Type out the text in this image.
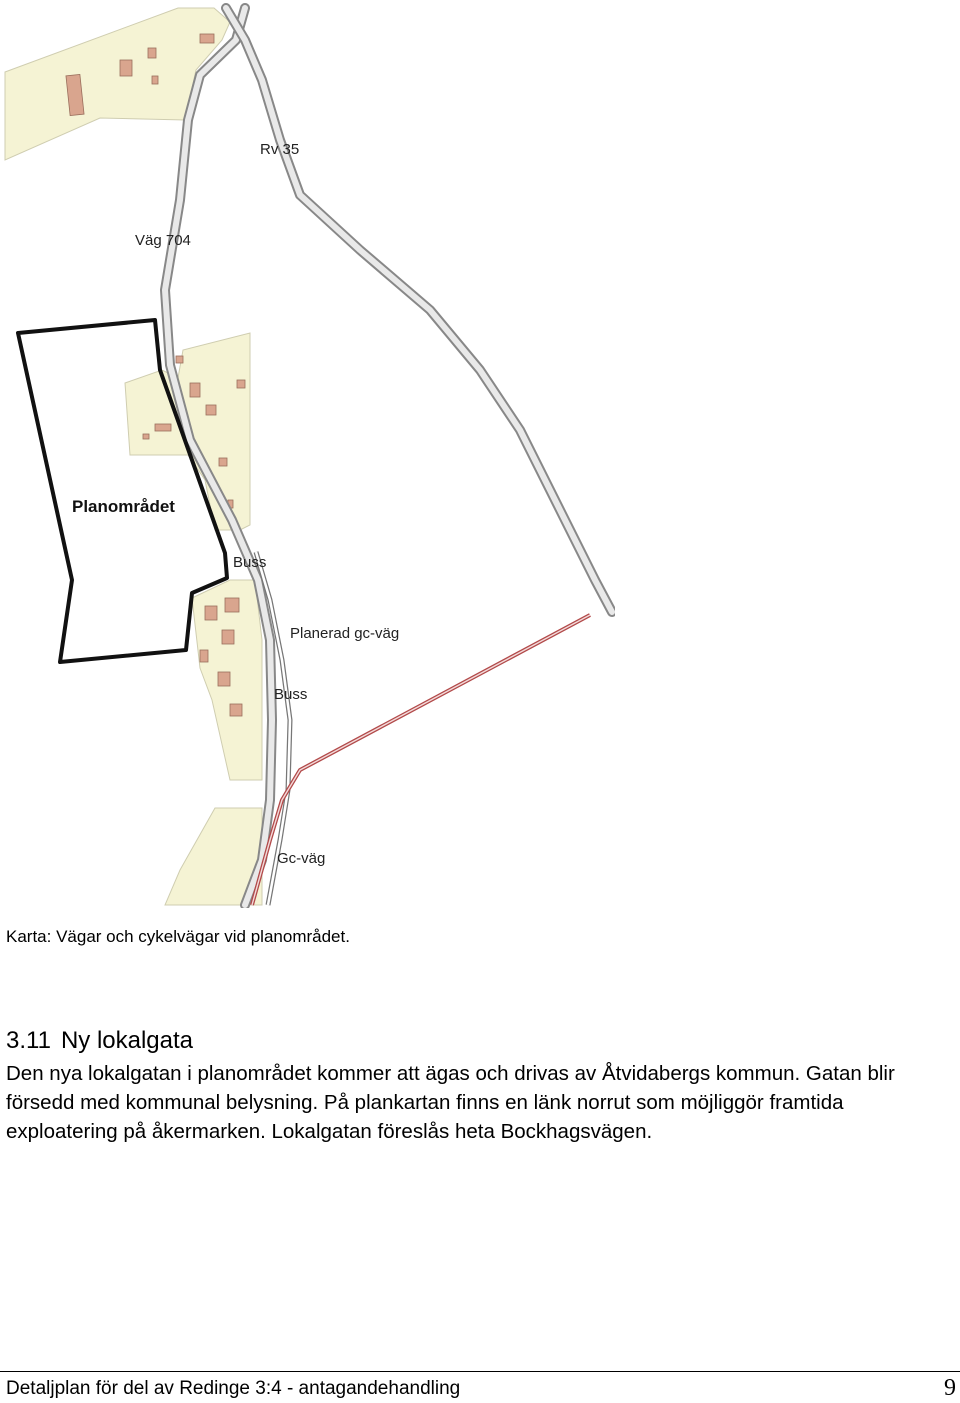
Rv 35
Väg 704
Planområdet
Buss
Planerad gc-väg
Buss
Gc-väg
Karta: Vägar och cykelvägar vid planområdet.
3.11 Ny lokalgata

Den nya lokalgatan i planområdet kommer att ägas och drivas av Åtvidabergs kommun. Gatan blir försedd med kommunal belysning. På plankartan finns en länk norrut som möjliggör framtida exploatering på åkermarken. Lokalgatan föreslås heta Bockhagsvägen.

Detaljplan för del av Redinge 3:4 - antagandehandling	9
